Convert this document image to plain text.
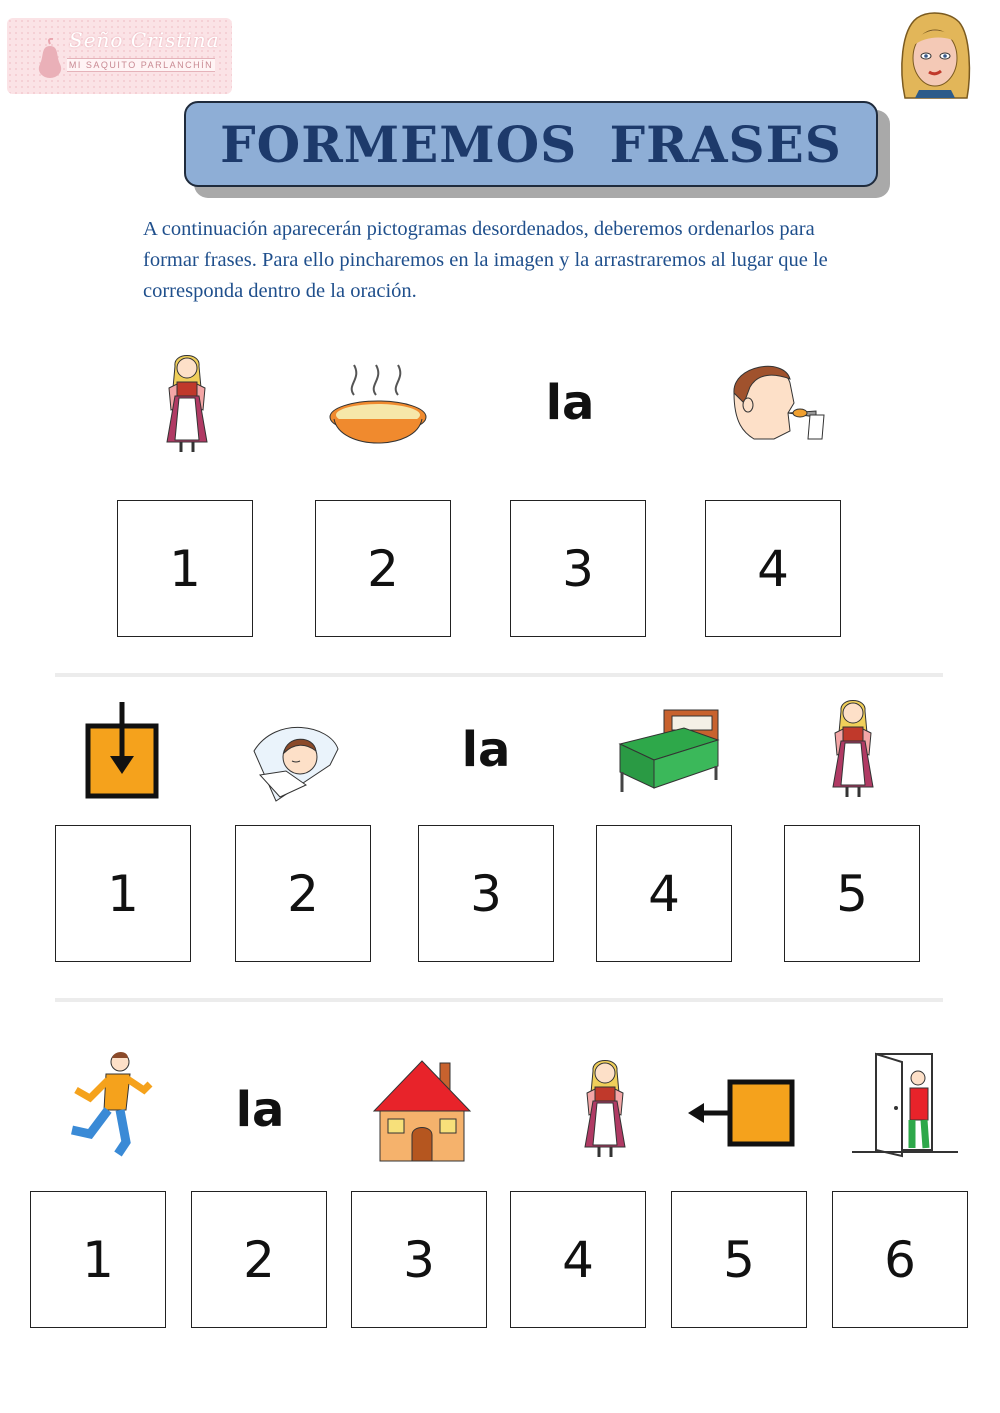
Seño Cristina
MI SAQUITO PARLANCHÍN
FORMEMOS FRASES

A continuación aparecerán pictogramas desordenados, deberemos ordenarlos para formar frases. Para ello pincharemos en la imagen y la arrastraremos al lugar que le corresponda dentro de la oración.

la
1	2	3	4
la
1	2	3	4	5
la
1	2	3	4	5	6
